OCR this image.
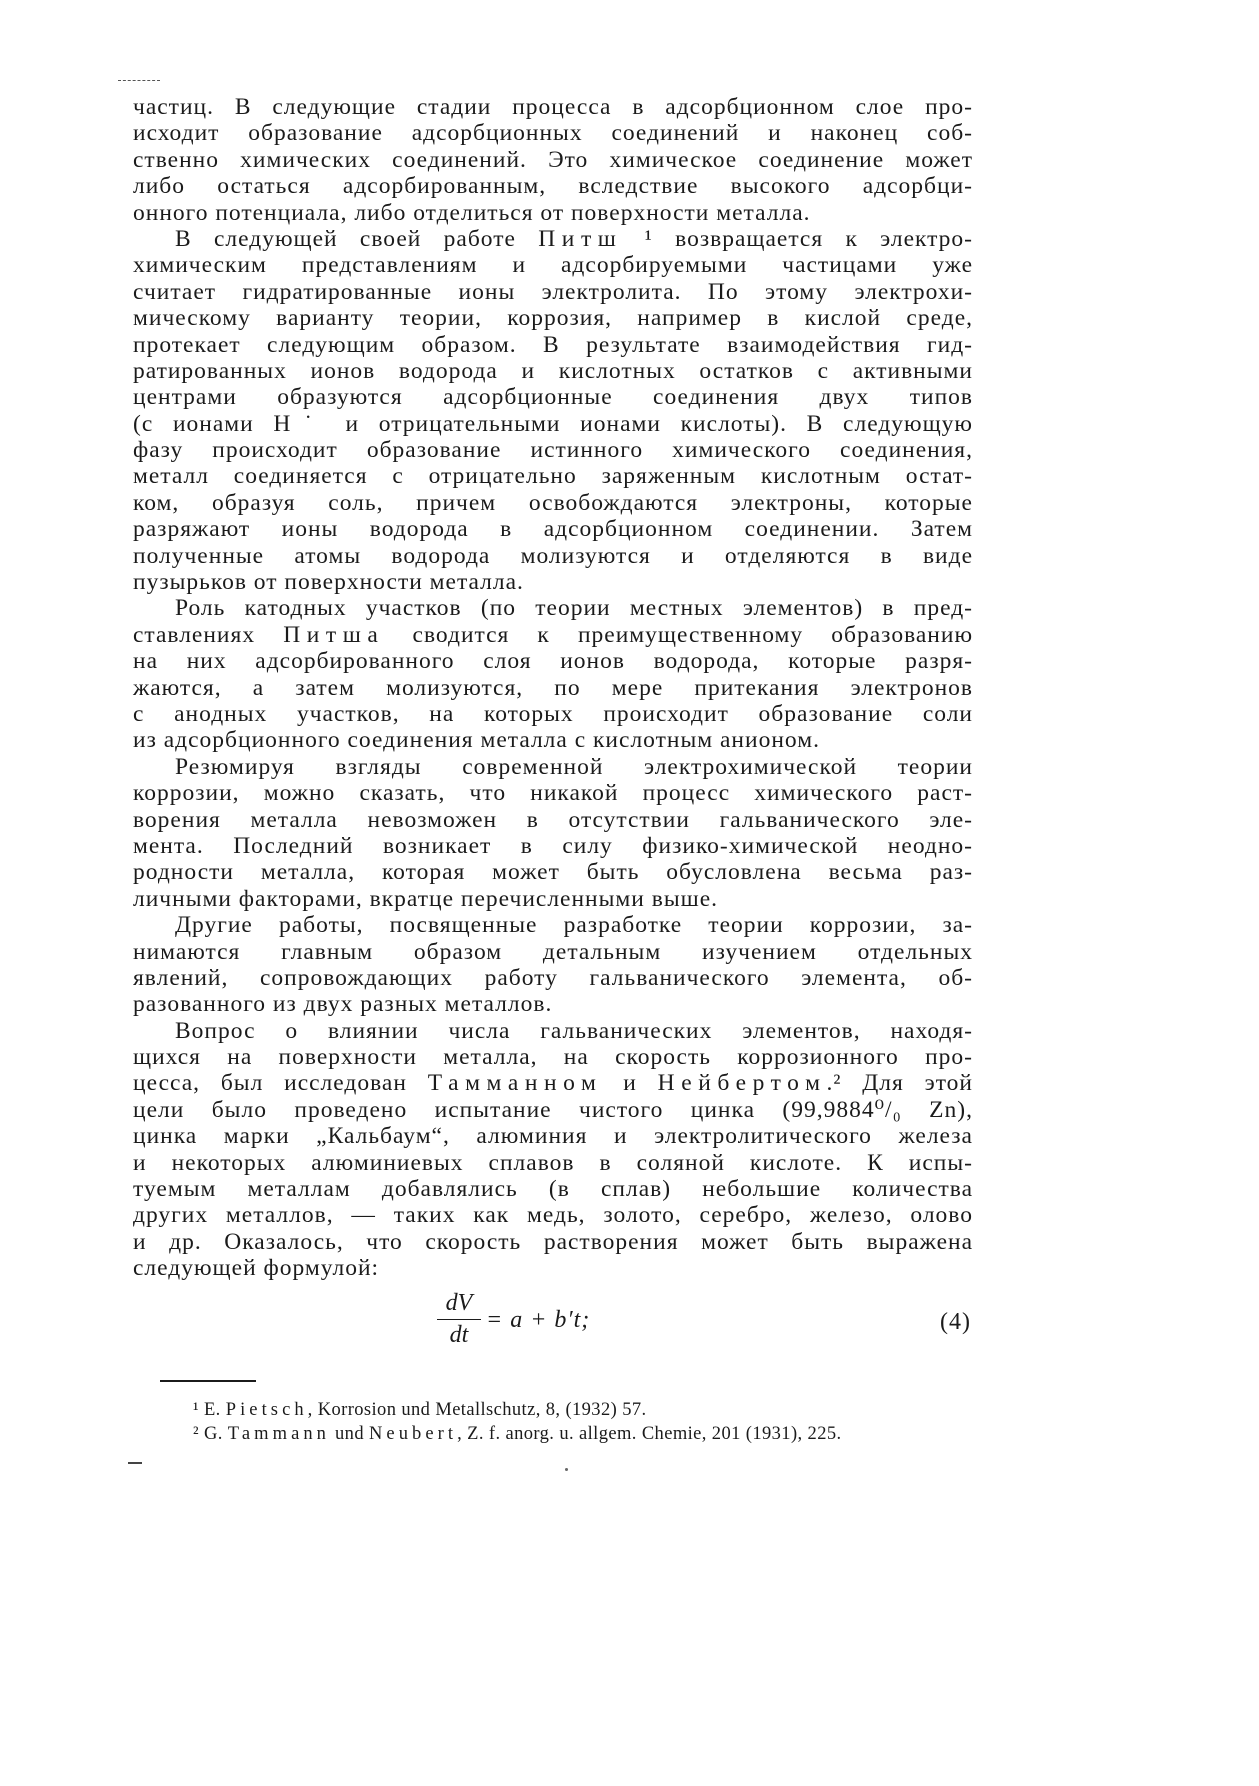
частиц. В следующие стадии процесса в адсорбционном слое про-
исходит образование адсорбционных соединений и наконец соб-
ственно химических соединений. Это химическое соединение может
либо остаться адсорбированным, вследствие высокого адсорбци-
онного потенциала, либо отделиться от поверхности металла.
В следующей своей работе Питш ¹ возвращается к электро-
химическим представлениям и адсорбируемыми частицами уже
считает гидратированные ионы электролита. По этому электрохи-
мическому варианту теории, коррозия, например в кислой среде,
протекает следующим образом. В результате взаимодействия гид-
ратированных ионов водорода и кислотных остатков с активными
центрами образуются адсорбционные соединения двух типов
(с ионами H˙ и отрицательными ионами кислоты). В следующую
фазу происходит образование истинного химического соединения,
металл соединяется с отрицательно заряженным кислотным остат-
ком, образуя соль, причем освобождаются электроны, которые
разряжают ионы водорода в адсорбционном соединении. Затем
полученные атомы водорода молизуются и отделяются в виде
пузырьков от поверхности металла.
Роль катодных участков (по теории местных элементов) в пред-
ставлениях Питша сводится к преимущественному образованию
на них адсорбированного слоя ионов водорода, которые разря-
жаются, а затем молизуются, по мере притекания электронов
с анодных участков, на которых происходит образование соли
из адсорбционного соединения металла с кислотным анионом.
Резюмируя взгляды современной электрохимической теории
коррозии, можно сказать, что никакой процесс химического раст-
ворения металла невозможен в отсутствии гальванического эле-
мента. Последний возникает в силу физико-химической неодно-
родности металла, которая может быть обусловлена весьма раз-
личными факторами, вкратце перечисленными выше.
Другие работы, посвященные разработке теории коррозии, за-
нимаются главным образом детальным изучением отдельных
явлений, сопровождающих работу гальванического элемента, об-
разованного из двух разных металлов.
Вопрос о влиянии числа гальванических элементов, находя-
щихся на поверхности металла, на скорость коррозионного про-
цесса, был исследован Тамманном и Нейбертом.² Для этой
цели было проведено испытание чистого цинка (99,9884⁰/₀ Zn),
цинка марки „Кальбаум“, алюминия и электролитического железа
и некоторых алюминиевых сплавов в соляной кислоте. К испы-
туемым металлам добавлялись (в сплав) небольшие количества
других металлов, — таких как медь, золото, серебро, железо, олово
и др. Оказалось, что скорость растворения может быть выражена
следующей формулой:
dV
dt
= a + b′t;	(4)
¹ E. Pietsch, Korrosion und Metallschutz, 8, (1932) 57.
² G. Tammann und Neubert, Z. f. anorg. u. allgem. Chemie, 201 (1931), 225.
